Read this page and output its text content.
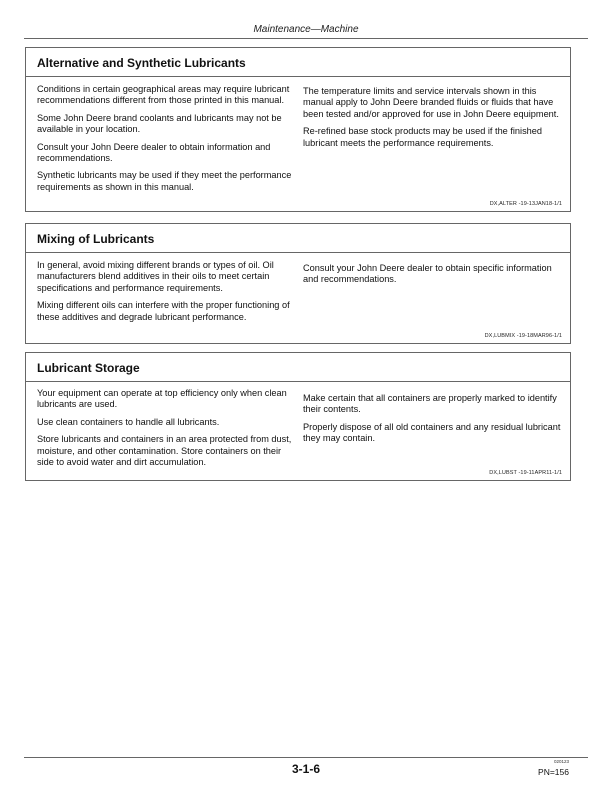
Maintenance—Machine
Alternative and Synthetic Lubricants

Conditions in certain geographical areas may require lubricant recommendations different from those printed in this manual.

Some John Deere brand coolants and lubricants may not be available in your location.

Consult your John Deere dealer to obtain information and recommendations.

Synthetic lubricants may be used if they meet the performance requirements as shown in this manual.

The temperature limits and service intervals shown in this manual apply to John Deere branded fluids or fluids that have been tested and/or approved for use in John Deere equipment.

Re-refined base stock products may be used if the finished lubricant meets the performance requirements.

DX,ALTER -19-13JAN18-1/1
Mixing of Lubricants

In general, avoid mixing different brands or types of oil. Oil manufacturers blend additives in their oils to meet certain specifications and performance requirements.

Mixing different oils can interfere with the proper functioning of these additives and degrade lubricant performance.

Consult your John Deere dealer to obtain specific information and recommendations.

DX,LUBMIX -19-18MAR96-1/1
Lubricant Storage

Your equipment can operate at top efficiency only when clean lubricants are used.

Use clean containers to handle all lubricants.

Store lubricants and containers in an area protected from dust, moisture, and other contamination. Store containers on their side to avoid water and dirt accumulation.

Make certain that all containers are properly marked to identify their contents.

Properly dispose of all old containers and any residual lubricant they may contain.

DX,LUBST -19-11APR11-1/1
3-1-6
020123
PN=156
